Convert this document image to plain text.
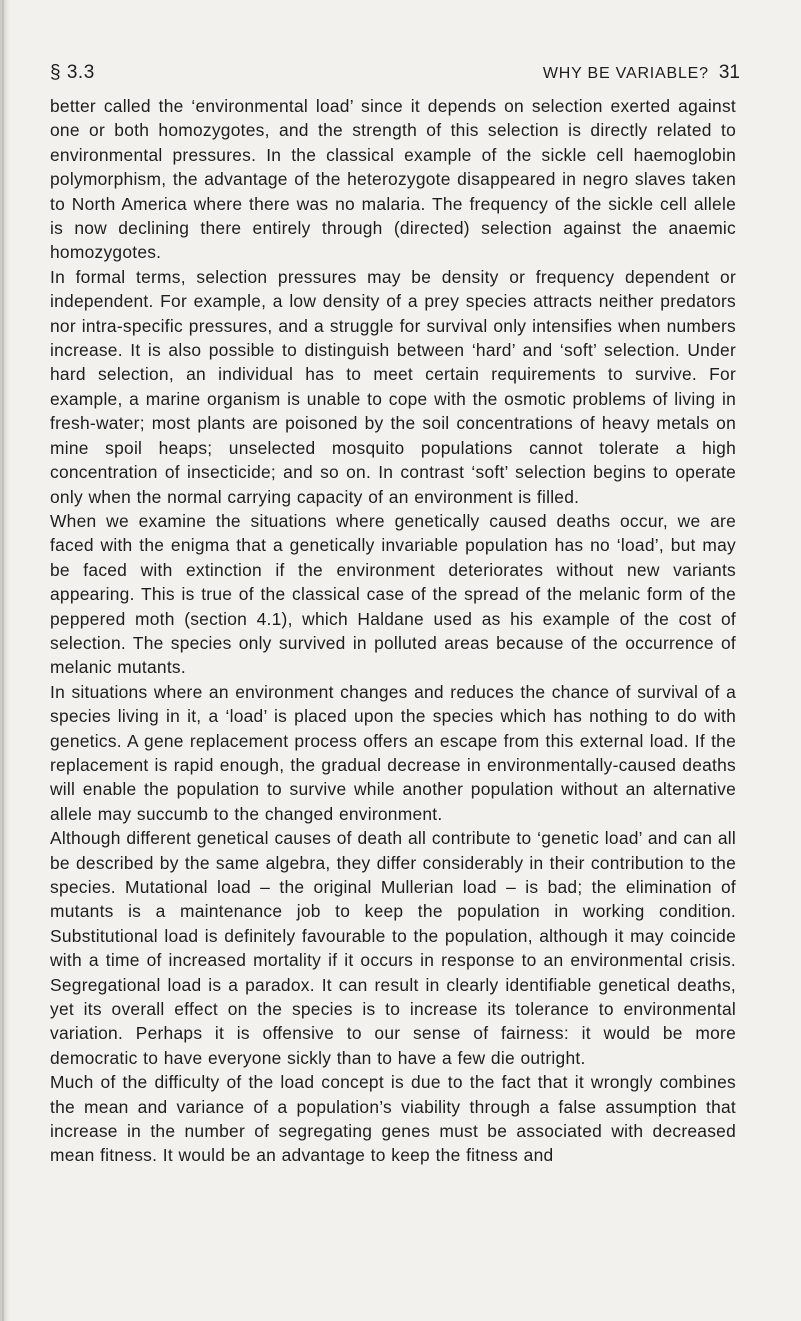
§ 3.3	WHY BE VARIABLE? 31

better called the ‘environmental load’ since it depends on selection exerted against one or both homozygotes, and the strength of this selection is directly related to environmental pressures. In the classical example of the sickle cell haemoglobin polymorphism, the advantage of the heterozygote disappeared in negro slaves taken to North America where there was no malaria. The frequency of the sickle cell allele is now declining there entirely through (directed) selection against the anaemic homozygotes.

In formal terms, selection pressures may be density or frequency dependent or independent. For example, a low density of a prey species attracts neither predators nor intra-specific pressures, and a struggle for survival only intensifies when numbers increase. It is also possible to distinguish between ‘hard’ and ‘soft’ selection. Under hard selection, an individual has to meet certain requirements to survive. For example, a marine organism is unable to cope with the osmotic problems of living in fresh-water; most plants are poisoned by the soil concentrations of heavy metals on mine spoil heaps; unselected mosquito populations cannot tolerate a high concentration of insecticide; and so on. In contrast ‘soft’ selection begins to operate only when the normal carrying capacity of an environment is filled.

When we examine the situations where genetically caused deaths occur, we are faced with the enigma that a genetically invariable population has no ‘load’, but may be faced with extinction if the environment deteriorates without new variants appearing. This is true of the classical case of the spread of the melanic form of the peppered moth (section 4.1), which Haldane used as his example of the cost of selection. The species only survived in polluted areas because of the occurrence of melanic mutants.

In situations where an environment changes and reduces the chance of survival of a species living in it, a ‘load’ is placed upon the species which has nothing to do with genetics. A gene replacement process offers an escape from this external load. If the replacement is rapid enough, the gradual decrease in environmentally-caused deaths will enable the population to survive while another population without an alternative allele may succumb to the changed environment.

Although different genetical causes of death all contribute to ‘genetic load’ and can all be described by the same algebra, they differ considerably in their contribution to the species. Mutational load – the original Mullerian load – is bad; the elimination of mutants is a maintenance job to keep the population in working condition. Substitutional load is definitely favourable to the population, although it may coincide with a time of increased mortality if it occurs in response to an environmental crisis. Segregational load is a paradox. It can result in clearly identifiable genetical deaths, yet its overall effect on the species is to increase its tolerance to environmental variation. Perhaps it is offensive to our sense of fairness: it would be more democratic to have everyone sickly than to have a few die outright.

Much of the difficulty of the load concept is due to the fact that it wrongly combines the mean and variance of a population’s viability through a false assumption that increase in the number of segregating genes must be associated with decreased mean fitness. It would be an advantage to keep the fitness and
